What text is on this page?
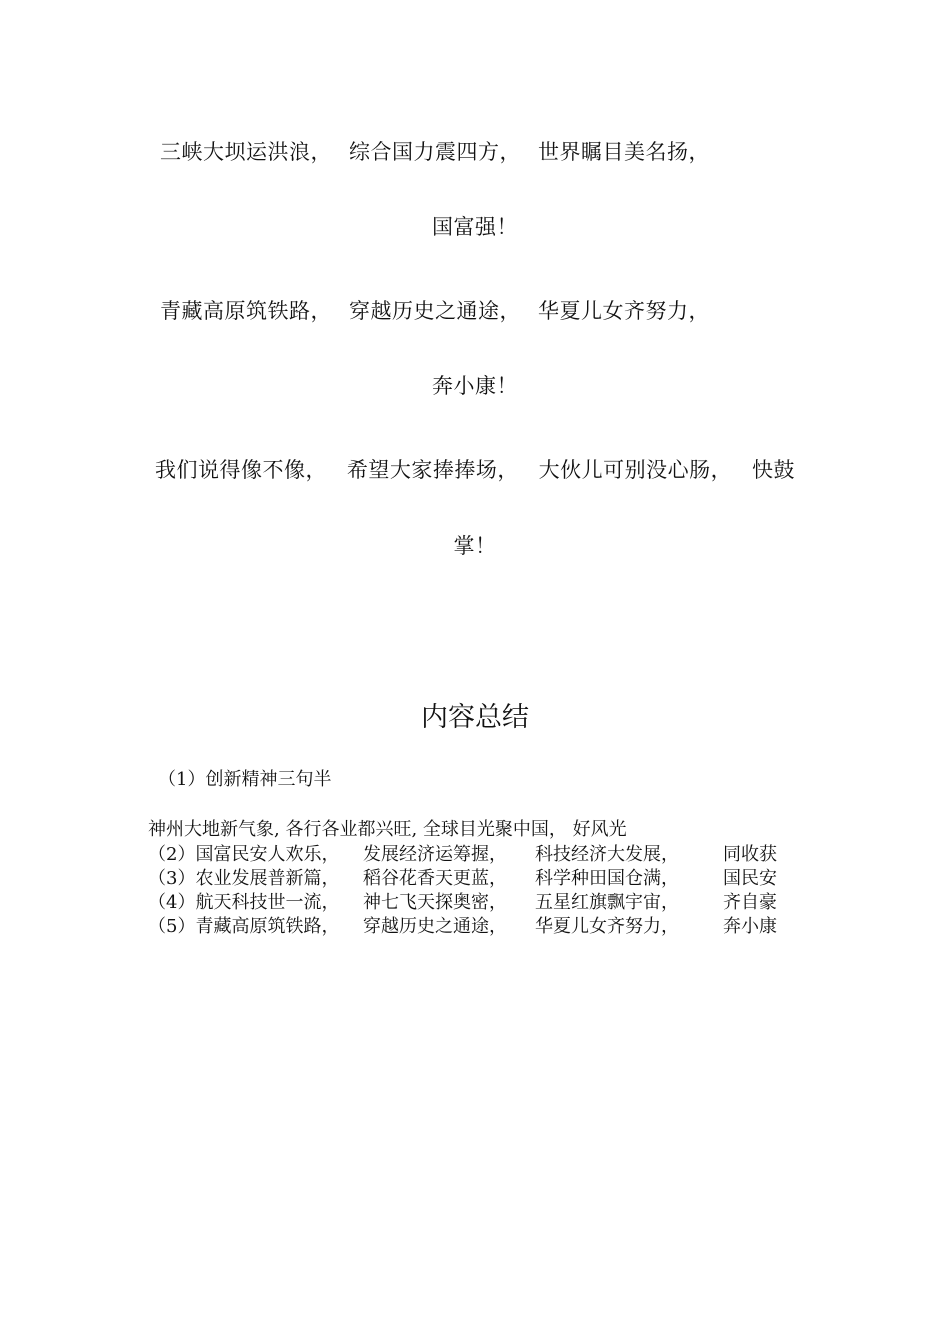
三峡大坝运洪浪， 综合国力震四方， 世界瞩目美名扬，
国富强！
青藏高原筑铁路， 穿越历史之通途， 华夏儿女齐努力，
奔小康！
我们说得像不像， 希望大家捧捧场， 大伙儿可别没心肠， 快鼓
掌！
内容总结
（1）创新精神三句半
神州大地新气象, 各行各业都兴旺, 全球目光聚中国， 好风光
（2）国富民安人欢乐，	发展经济运筹握，	科技经济大发展，	同收获
（3）农业发展普新篇，	稻谷花香天更蓝，	科学种田国仓满，	国民安
（4）航天科技世一流，	神七飞天探奥密，	五星红旗飘宇宙，	齐自豪
（5）青藏高原筑铁路，	穿越历史之通途，	华夏儿女齐努力，	奔小康
